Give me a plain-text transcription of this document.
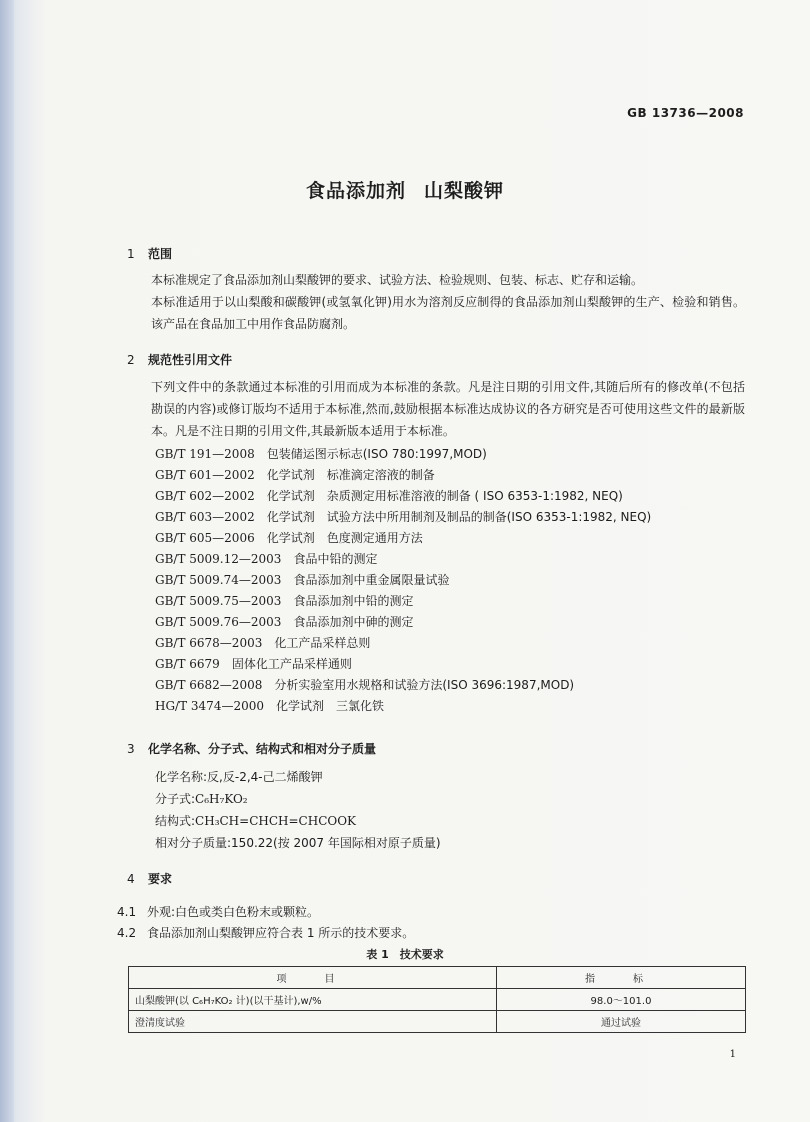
GB 13736—2008
食品添加剂 山梨酸钾
1 范围
本标准规定了食品添加剂山梨酸钾的要求、试验方法、检验规则、包装、标志、贮存和运输。
本标准适用于以山梨酸和碳酸钾(或氢氧化钾)用水为溶剂反应制得的食品添加剂山梨酸钾的生产、检验和销售。该产品在食品加工中用作食品防腐剂。
2 规范性引用文件
下列文件中的条款通过本标准的引用而成为本标准的条款。凡是注日期的引用文件,其随后所有的修改单(不包括勘误的内容)或修订版均不适用于本标准,然而,鼓励根据本标准达成协议的各方研究是否可使用这些文件的最新版本。凡是不注日期的引用文件,其最新版本适用于本标准。
GB/T 191—2008　 包装储运图示标志(ISO 780:1997,MOD)
GB/T 601—2002　 化学试剂　标准滴定溶液的制备
GB/T 602—2002　 化学试剂　杂质测定用标准溶液的制备 ( ISO 6353-1:1982, NEQ)
GB/T 603—2002　 化学试剂　试验方法中所用制剂及制品的制备(ISO 6353-1:1982, NEQ)
GB/T 605—2006　 化学试剂　色度测定通用方法
GB/T 5009.12—2003　 食品中铅的测定
GB/T 5009.74—2003　 食品添加剂中重金属限量试验
GB/T 5009.75—2003　 食品添加剂中铅的测定
GB/T 5009.76—2003　 食品添加剂中砷的测定
GB/T 6678—2003　 化工产品采样总则
GB/T 6679　 固体化工产品采样通则
GB/T 6682—2008　 分析实验室用水规格和试验方法(ISO 3696:1987,MOD)
HG/T 3474—2000　 化学试剂　三氯化铁
3 化学名称、分子式、结构式和相对分子质量
化学名称:反,反-2,4-己二烯酸钾
分子式:C₆H₇KO₂
结构式:CH₃CH=CHCH=CHCOOK
相对分子质量:150.22(按 2007 年国际相对原子质量)
4 要求
4.1 外观:白色或类白色粉末或颗粒。
4.2 食品添加剂山梨酸钾应符合表 1 所示的技术要求。
表 1　技术要求
项　目	指　标
山梨酸钾(以 C₆H₇KO₂ 计)(以干基计),w/%	98.0～101.0
澄清度试验	通过试验
1
